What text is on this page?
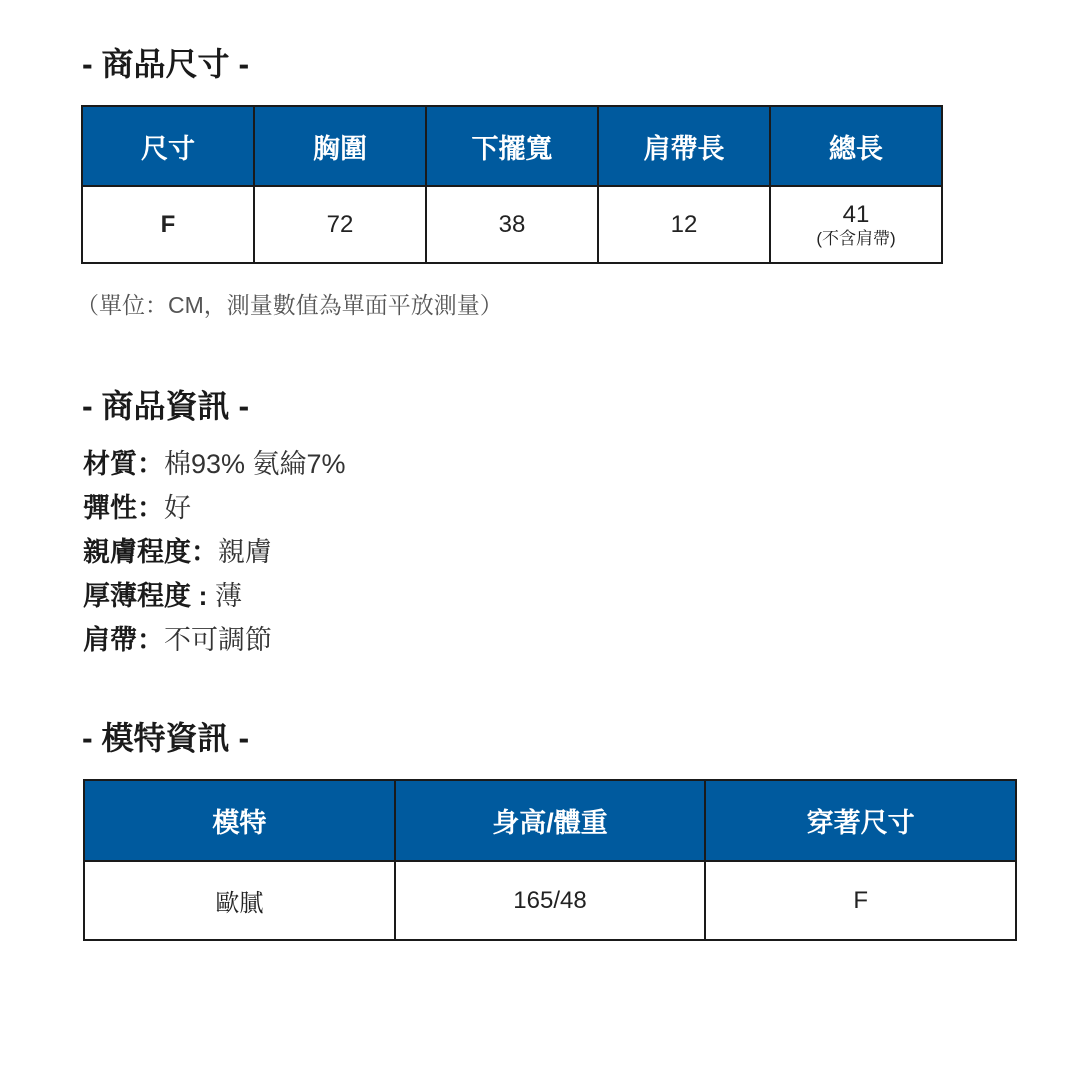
- 商品尺寸 -
尺寸	胸圍	下擺寬	肩帶長	總長
F	72	38	12	41
(不含肩帶)

（單位：CM，測量數值為單面平放測量）

- 商品資訊 -
材質：棉93% 氨綸7%
彈性：好
親膚程度：親膚
厚薄程度 : 薄
肩帶：不可調節
- 模特資訊 -
模特	身高/體重	穿著尺寸
歐膩	165/48	F
